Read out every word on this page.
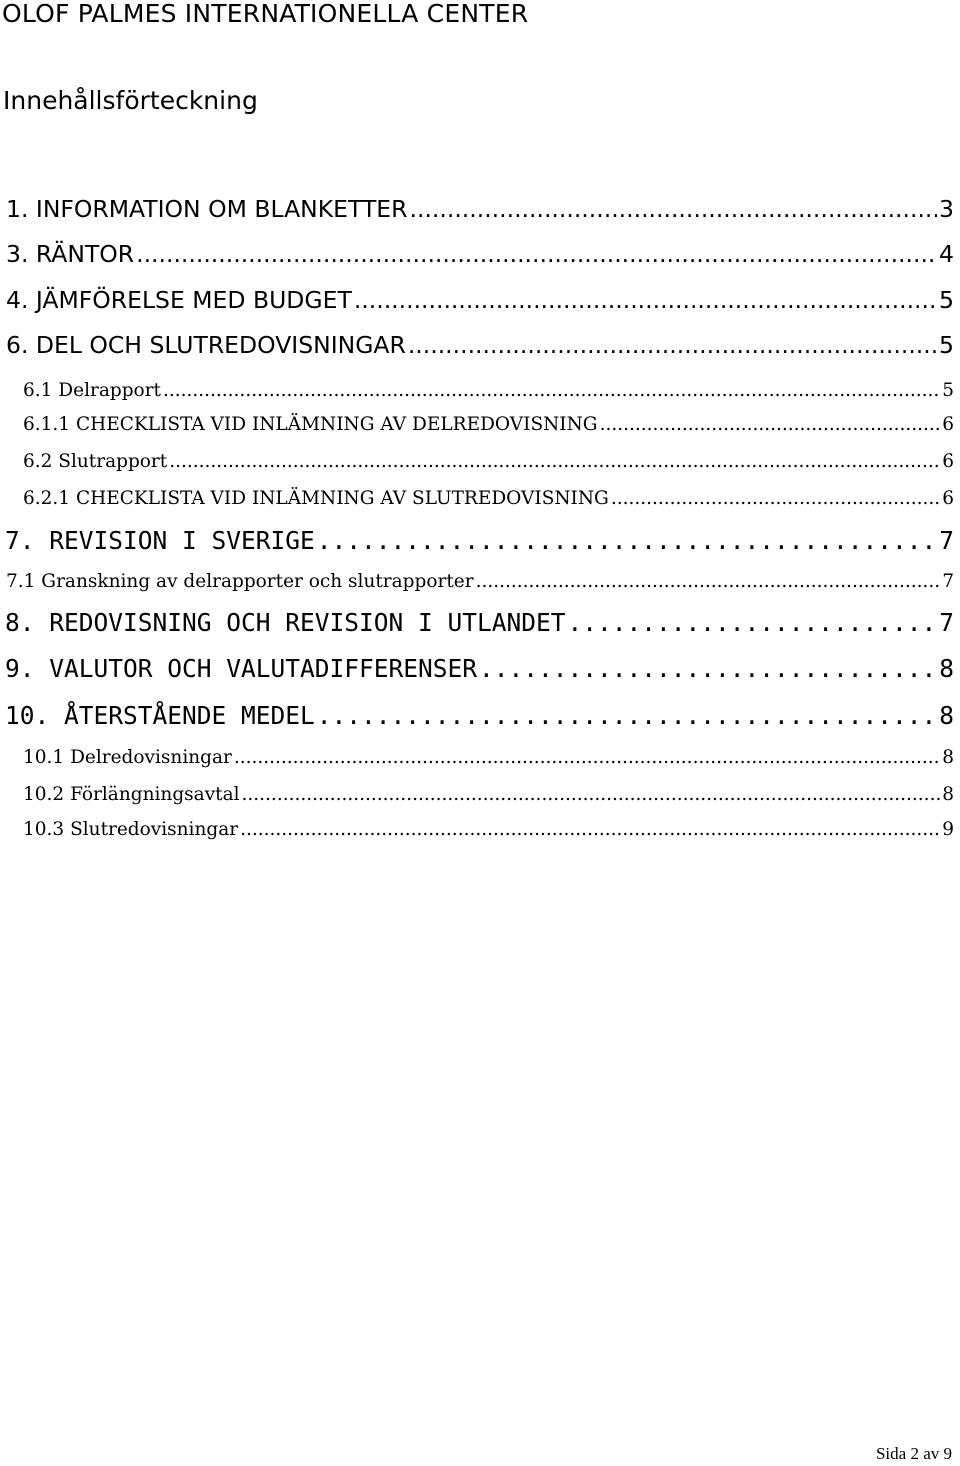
OLOF PALMES INTERNATIONELLA CENTER
Innehållsförteckning
1. INFORMATION OM BLANKETTER .....	3
3. RÄNTOR .....	4
4. JÄMFÖRELSE MED BUDGET .....	5
6. DEL OCH SLUTREDOVISNINGAR .....	5
6.1 Delrapport .....	5
6.1.1 CHECKLISTA VID INLÄMNING AV DELREDOVISNING .....	6
6.2 Slutrapport .....	6
6.2.1 CHECKLISTA VID INLÄMNING AV SLUTREDOVISNING .....	6
7. REVISION I SVERIGE .....	7
7.1 Granskning av delrapporter och slutrapporter .....	7
8. REDOVISNING OCH REVISION I UTLANDET .....	7
9. VALUTOR OCH VALUTADIFFERENSER .....	8
10. ÅTERSTÅENDE MEDEL .....	8
10.1 Delredovisningar .....	8
10.2 Förlängningsavtal .....	8
10.3 Slutredovisningar .....	9
Sida 2 av 9
